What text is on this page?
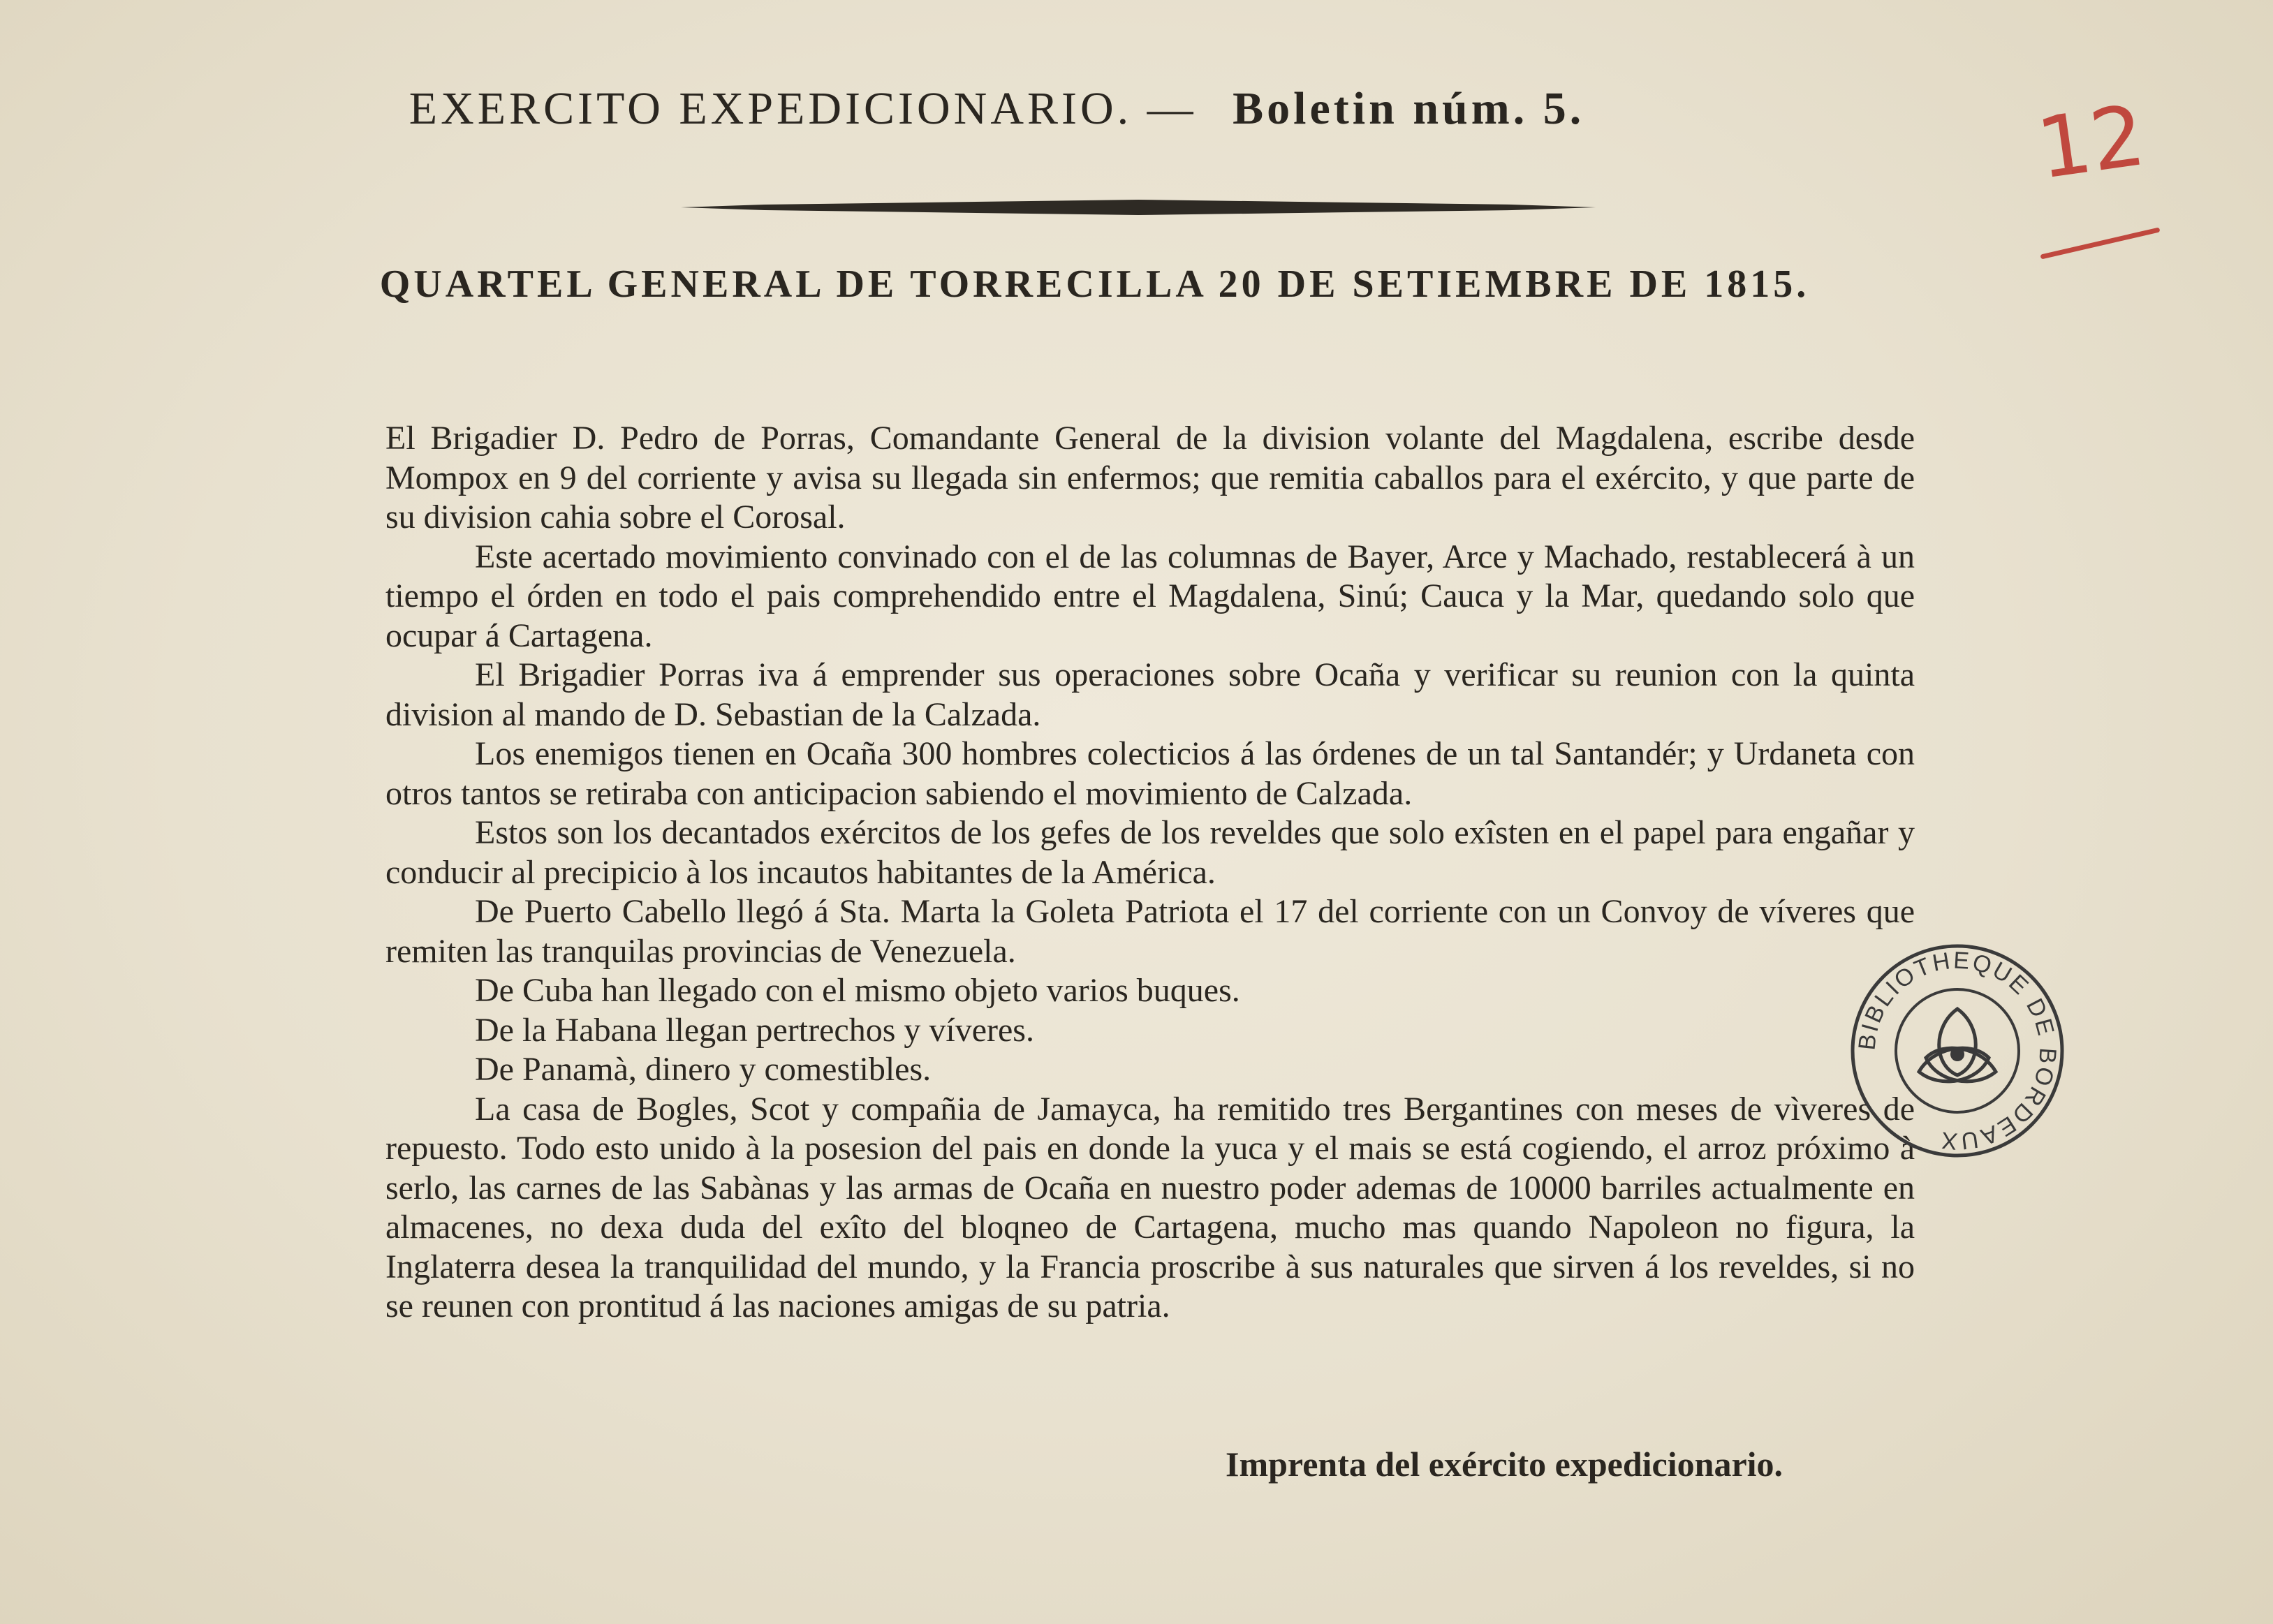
EXERCITO EXPEDICIONARIO. — Boletin núm. 5.	12
QUARTEL GENERAL DE TORRECILLA 20 DE SETIEMBRE DE 1815.

El Brigadier D. Pedro de Porras, Comandante General de la division volante del Magdalena, escribe desde Mompox en 9 del corriente y avisa su llegada sin enfermos; que remitia caballos para el exército, y que parte de su division cahia sobre el Corosal.

Este acertado movimiento convinado con el de las columnas de Bayer, Arce y Machado, restablecerá à un tiempo el órden en todo el pais comprehendido entre el Magdalena, Sinú; Cauca y la Mar, quedando solo que ocupar á Cartagena.

El Brigadier Porras iva á emprender sus operaciones sobre Ocaña y verificar su reunion con la quinta division al mando de D. Sebastian de la Calzada.

Los enemigos tienen en Ocaña 300 hombres colecticios á las órdenes de un tal Santandér; y Urdaneta con otros tantos se retiraba con anticipacion sabiendo el movimiento de Calzada.

Estos son los decantados exércitos de los gefes de los reveldes que solo exîsten en el papel para engañar y conducir al precipicio à los incautos habitantes de la América.

De Puerto Cabello llegó á Sta. Marta la Goleta Patriota el 17 del corriente con un Convoy de víveres que remiten las tranquilas provincias de Venezuela.

De Cuba han llegado con el mismo objeto varios buques.

De la Habana llegan pertrechos y víveres.

De Panamà, dinero y comestibles.

La casa de Bogles, Scot y compañia de Jamayca, ha remitido tres Bergantines con meses de vìveres de repuesto. Todo esto unido à la posesion del pais en donde la yuca y el mais se está cogiendo, el arroz próximo à serlo, las carnes de las Sabànas y las armas de Ocaña en nuestro poder ademas de 10000 barriles actualmente en almacenes, no dexa duda del exîto del bloqneo de Cartagena, mucho mas quando Napoleon no figura, la Inglaterra desea la tranquilidad del mundo, y la Francia proscribe à sus naturales que sirven á los reveldes, si no se reunen con prontitud á las naciones amigas de su patria.

Imprenta del exército expedicionario.
BIBLIOTHEQUE DE BORDEAUX
